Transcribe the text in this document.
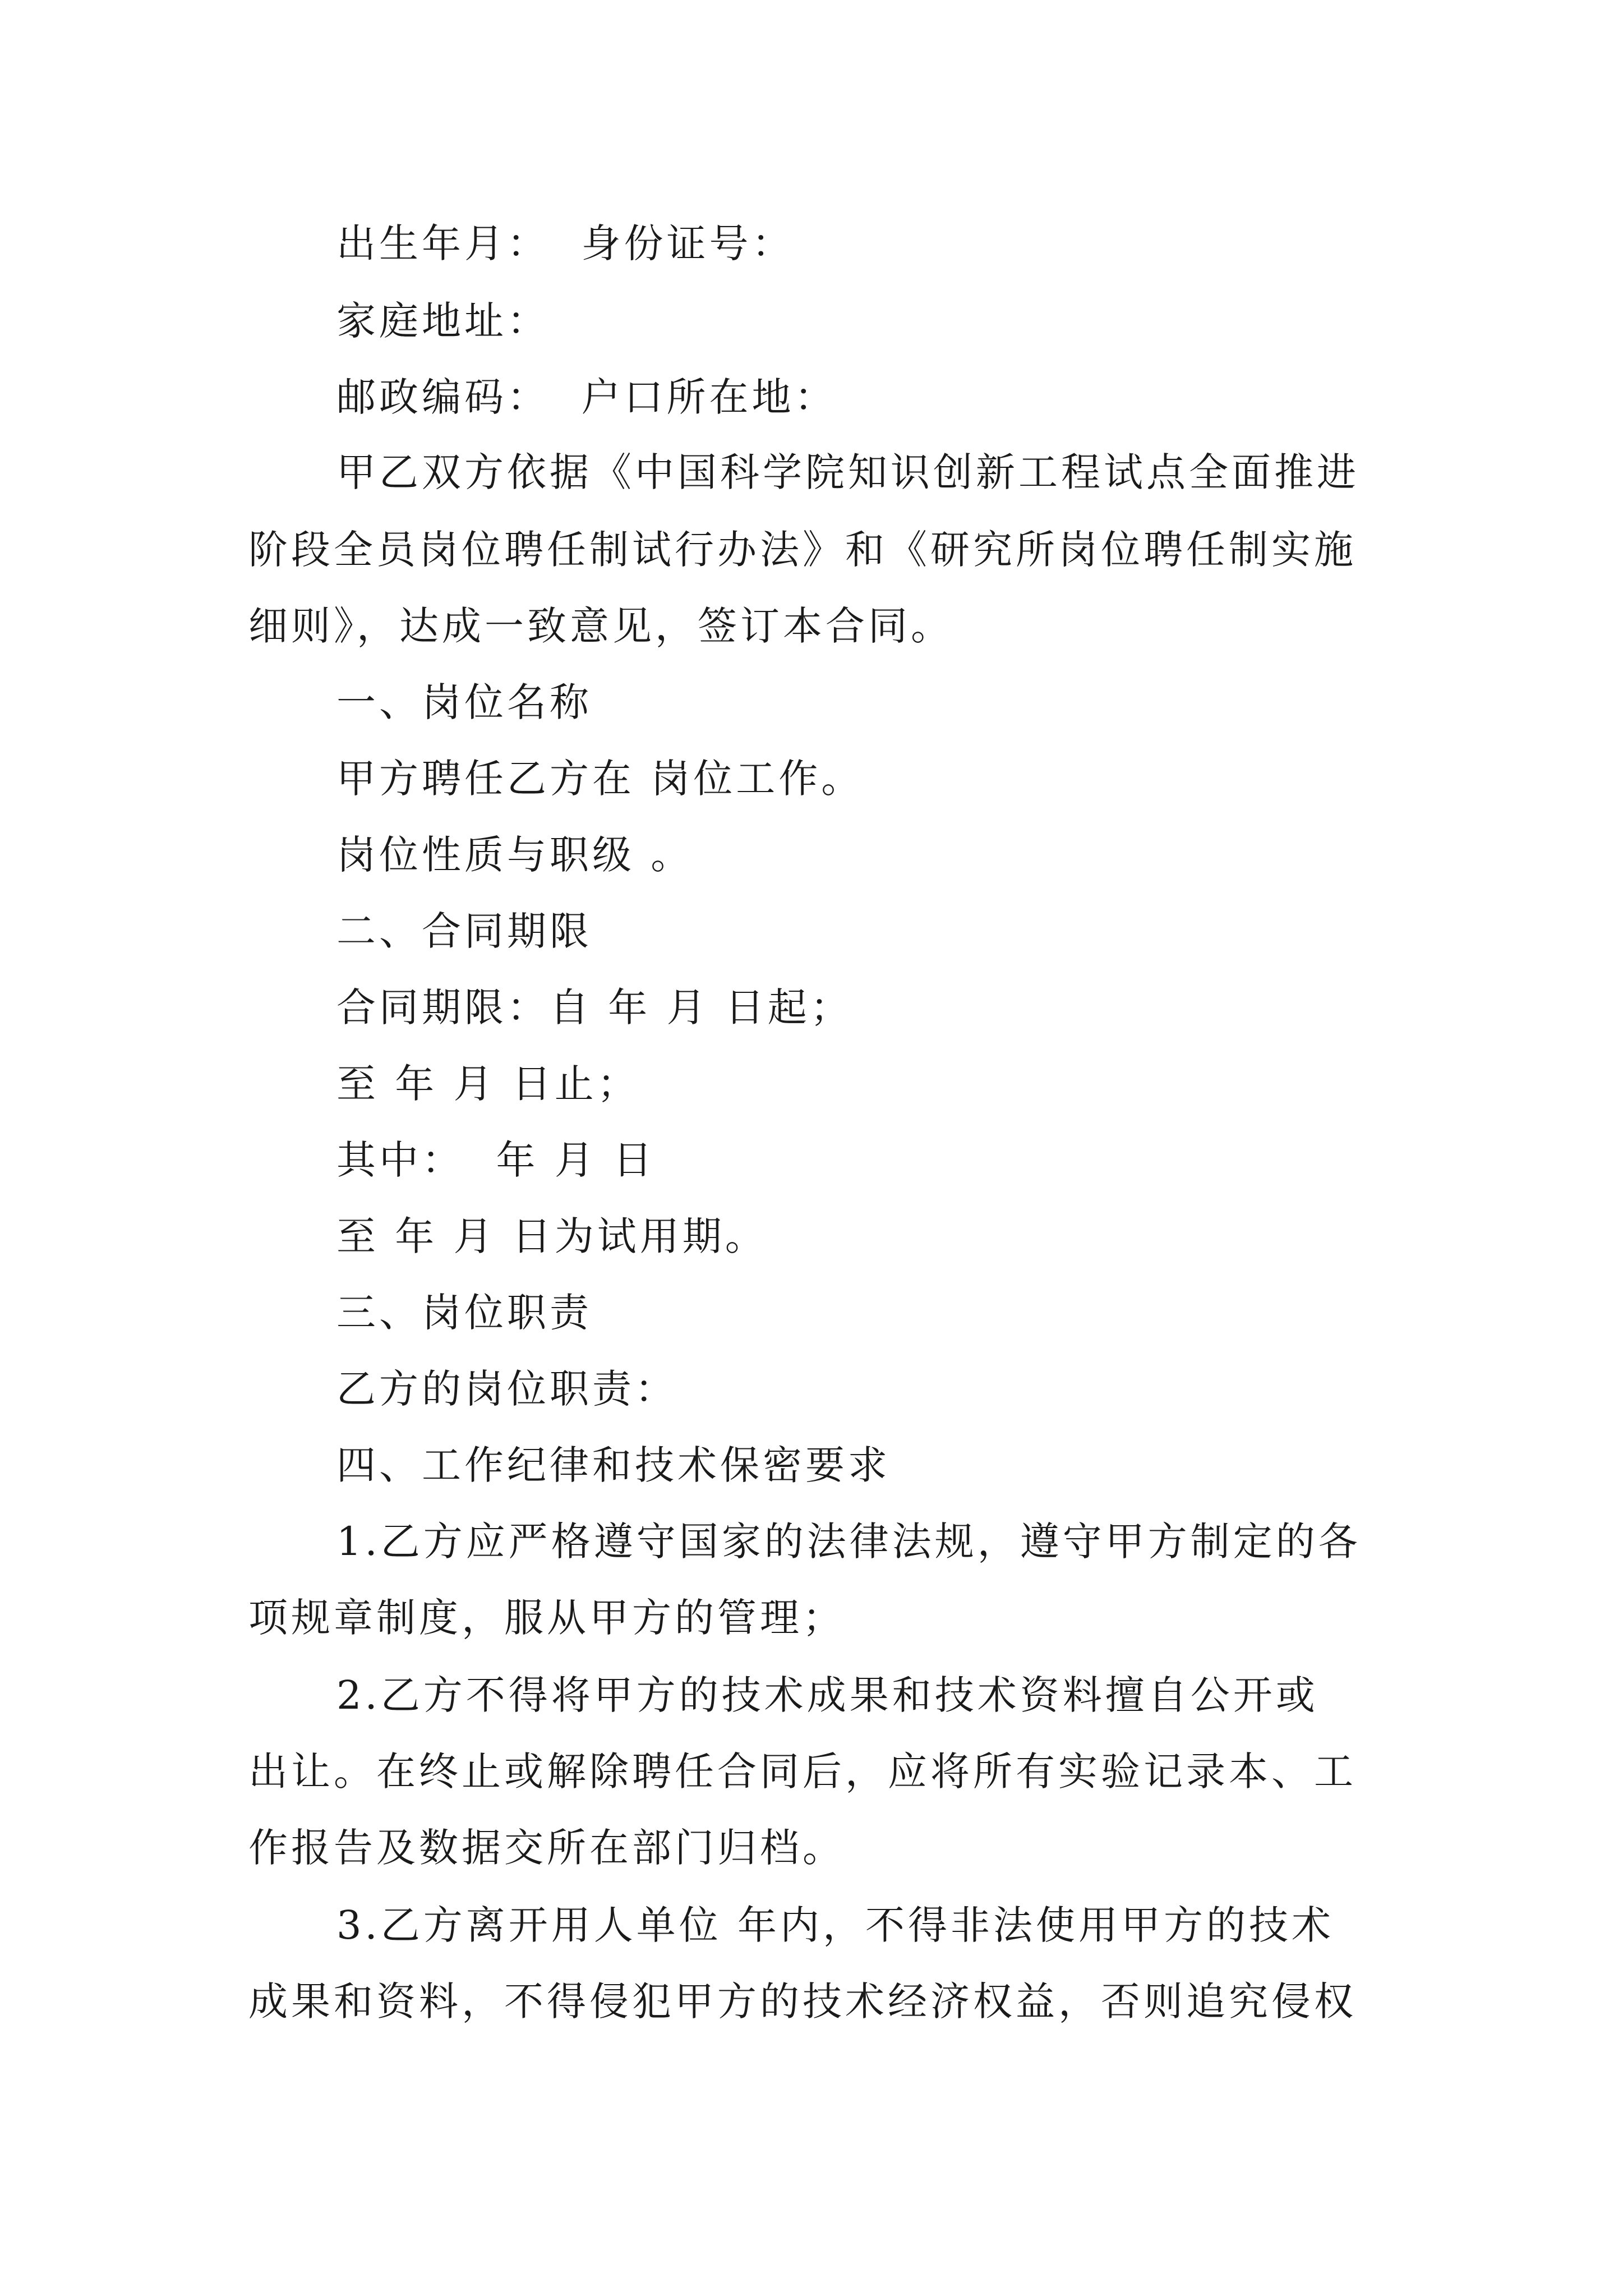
出生年月：  身份证号：
家庭地址：
邮政编码：  户口所在地：
甲乙双方依据《中国科学院知识创新工程试点全面推进
阶段全员岗位聘任制试行办法》和《研究所岗位聘任制实施
细则》，达成一致意见，签订本合同。
一、岗位名称
甲方聘任乙方在 岗位工作。
岗位性质与职级 。
二、合同期限
合同期限：自 年 月 日起；
至 年 月 日止；
其中：  年 月 日
至 年 月 日为试用期。
三、岗位职责
乙方的岗位职责：
四、工作纪律和技术保密要求
1.乙方应严格遵守国家的法律法规，遵守甲方制定的各
项规章制度，服从甲方的管理；
2.乙方不得将甲方的技术成果和技术资料擅自公开或
出让。在终止或解除聘任合同后，应将所有实验记录本、工
作报告及数据交所在部门归档。
3.乙方离开用人单位 年内，不得非法使用甲方的技术
成果和资料，不得侵犯甲方的技术经济权益，否则追究侵权
